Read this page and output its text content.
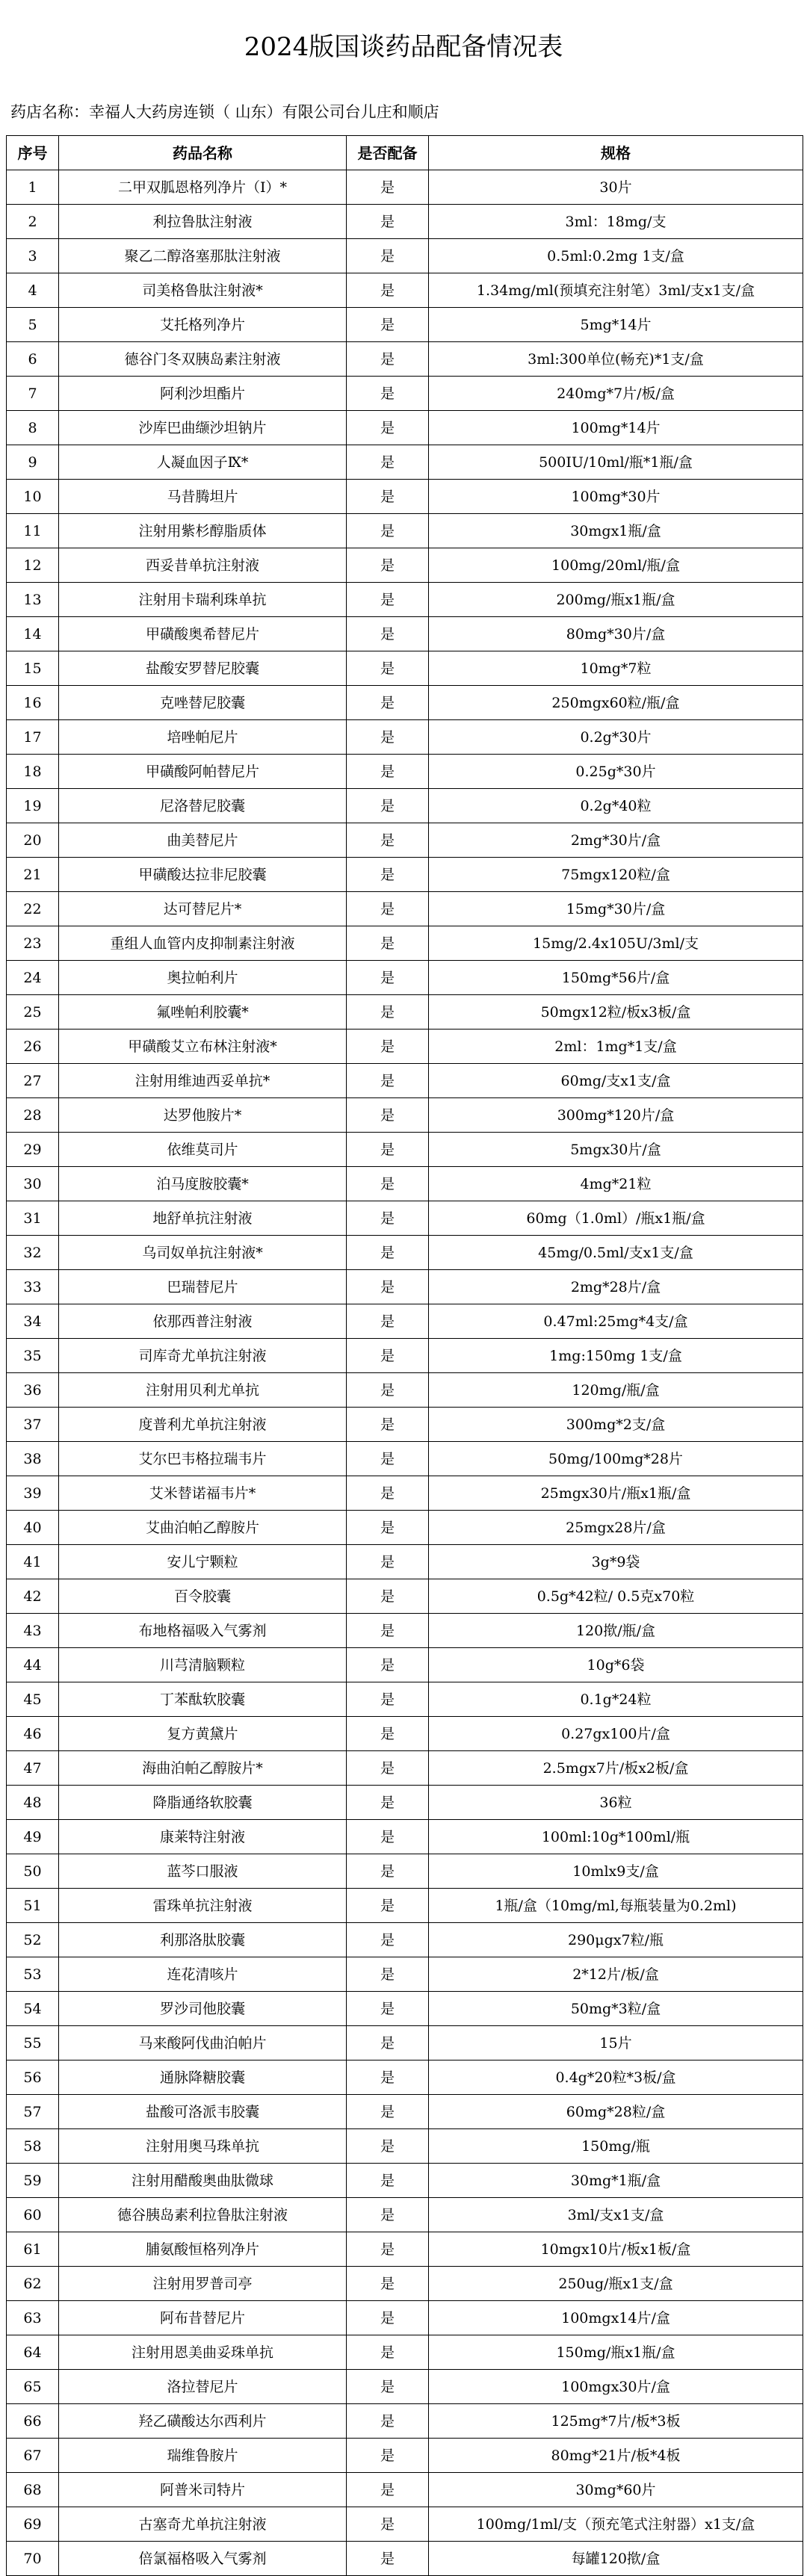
2024版国谈药品配备情况表
药店名称：幸福人大药房连锁（ 山东）有限公司台儿庄和顺店
序号	药品名称	是否配备	规格
1	二甲双胍恩格列净片（Ⅰ）*	是	30片
2	利拉鲁肽注射液	是	3ml：18mg/支
3	聚乙二醇洛塞那肽注射液	是	0.5ml:0.2mg 1支/盒
4	司美格鲁肽注射液*	是	1.34mg/ml(预填充注射笔）3ml/支x1支/盒
5	艾托格列净片	是	5mg*14片
6	德谷门冬双胰岛素注射液	是	3ml:300单位(畅充)*1支/盒
7	阿利沙坦酯片	是	240mg*7片/板/盒
8	沙库巴曲缬沙坦钠片	是	100mg*14片
9	人凝血因子Ⅸ*	是	500IU/10ml/瓶*1瓶/盒
10	马昔腾坦片	是	100mg*30片
11	注射用紫杉醇脂质体	是	30mgx1瓶/盒
12	西妥昔单抗注射液	是	100mg/20ml/瓶/盒
13	注射用卡瑞利珠单抗	是	200mg/瓶x1瓶/盒
14	甲磺酸奥希替尼片	是	80mg*30片/盒
15	盐酸安罗替尼胶囊	是	10mg*7粒
16	克唑替尼胶囊	是	250mgx60粒/瓶/盒
17	培唑帕尼片	是	0.2g*30片
18	甲磺酸阿帕替尼片	是	0.25g*30片
19	尼洛替尼胶囊	是	0.2g*40粒
20	曲美替尼片	是	2mg*30片/盒
21	甲磺酸达拉非尼胶囊	是	75mgx120粒/盒
22	达可替尼片*	是	15mg*30片/盒
23	重组人血管内皮抑制素注射液	是	15mg/2.4x105U/3ml/支
24	奥拉帕利片	是	150mg*56片/盒
25	氟唑帕利胶囊*	是	50mgx12粒/板x3板/盒
26	甲磺酸艾立布林注射液*	是	2ml：1mg*1支/盒
27	注射用维迪西妥单抗*	是	60mg/支x1支/盒
28	达罗他胺片*	是	300mg*120片/盒
29	依维莫司片	是	5mgx30片/盒
30	泊马度胺胶囊*	是	4mg*21粒
31	地舒单抗注射液	是	60mg（1.0ml）/瓶x1瓶/盒
32	乌司奴单抗注射液*	是	45mg/0.5ml/支x1支/盒
33	巴瑞替尼片	是	2mg*28片/盒
34	依那西普注射液	是	0.47ml:25mg*4支/盒
35	司库奇尤单抗注射液	是	1mg:150mg 1支/盒
36	注射用贝利尤单抗	是	120mg/瓶/盒
37	度普利尤单抗注射液	是	300mg*2支/盒
38	艾尔巴韦格拉瑞韦片	是	50mg/100mg*28片
39	艾米替诺福韦片*	是	25mgx30片/瓶x1瓶/盒
40	艾曲泊帕乙醇胺片	是	25mgx28片/盒
41	安儿宁颗粒	是	3g*9袋
42	百令胶囊	是	0.5g*42粒/ 0.5克x70粒
43	布地格福吸入气雾剂	是	120揿/瓶/盒
44	川芎清脑颗粒	是	10g*6袋
45	丁苯酞软胶囊	是	0.1g*24粒
46	复方黄黛片	是	0.27gx100片/盒
47	海曲泊帕乙醇胺片*	是	2.5mgx7片/板x2板/盒
48	降脂通络软胶囊	是	36粒
49	康莱特注射液	是	100ml:10g*100ml/瓶
50	蓝芩口服液	是	10mlx9支/盒
51	雷珠单抗注射液	是	1瓶/盒（10mg/ml,每瓶装量为0.2ml)
52	利那洛肽胶囊	是	290μgx7粒/瓶
53	连花清咳片	是	2*12片/板/盒
54	罗沙司他胶囊	是	50mg*3粒/盒
55	马来酸阿伐曲泊帕片	是	15片
56	通脉降糖胶囊	是	0.4g*20粒*3板/盒
57	盐酸可洛派韦胶囊	是	60mg*28粒/盒
58	注射用奥马珠单抗	是	150mg/瓶
59	注射用醋酸奥曲肽微球	是	30mg*1瓶/盒
60	德谷胰岛素利拉鲁肽注射液	是	3ml/支x1支/盒
61	脯氨酸恒格列净片	是	10mgx10片/板x1板/盒
62	注射用罗普司亭	是	250ug/瓶x1支/盒
63	阿布昔替尼片	是	100mgx14片/盒
64	注射用恩美曲妥珠单抗	是	150mg/瓶x1瓶/盒
65	洛拉替尼片	是	100mgx30片/盒
66	羟乙磺酸达尔西利片	是	125mg*7片/板*3板
67	瑞维鲁胺片	是	80mg*21片/板*4板
68	阿普米司特片	是	30mg*60片
69	古塞奇尤单抗注射液	是	100mg/1ml/支（预充笔式注射器）x1支/盒
70	倍氯福格吸入气雾剂	是	每罐120揿/盒
